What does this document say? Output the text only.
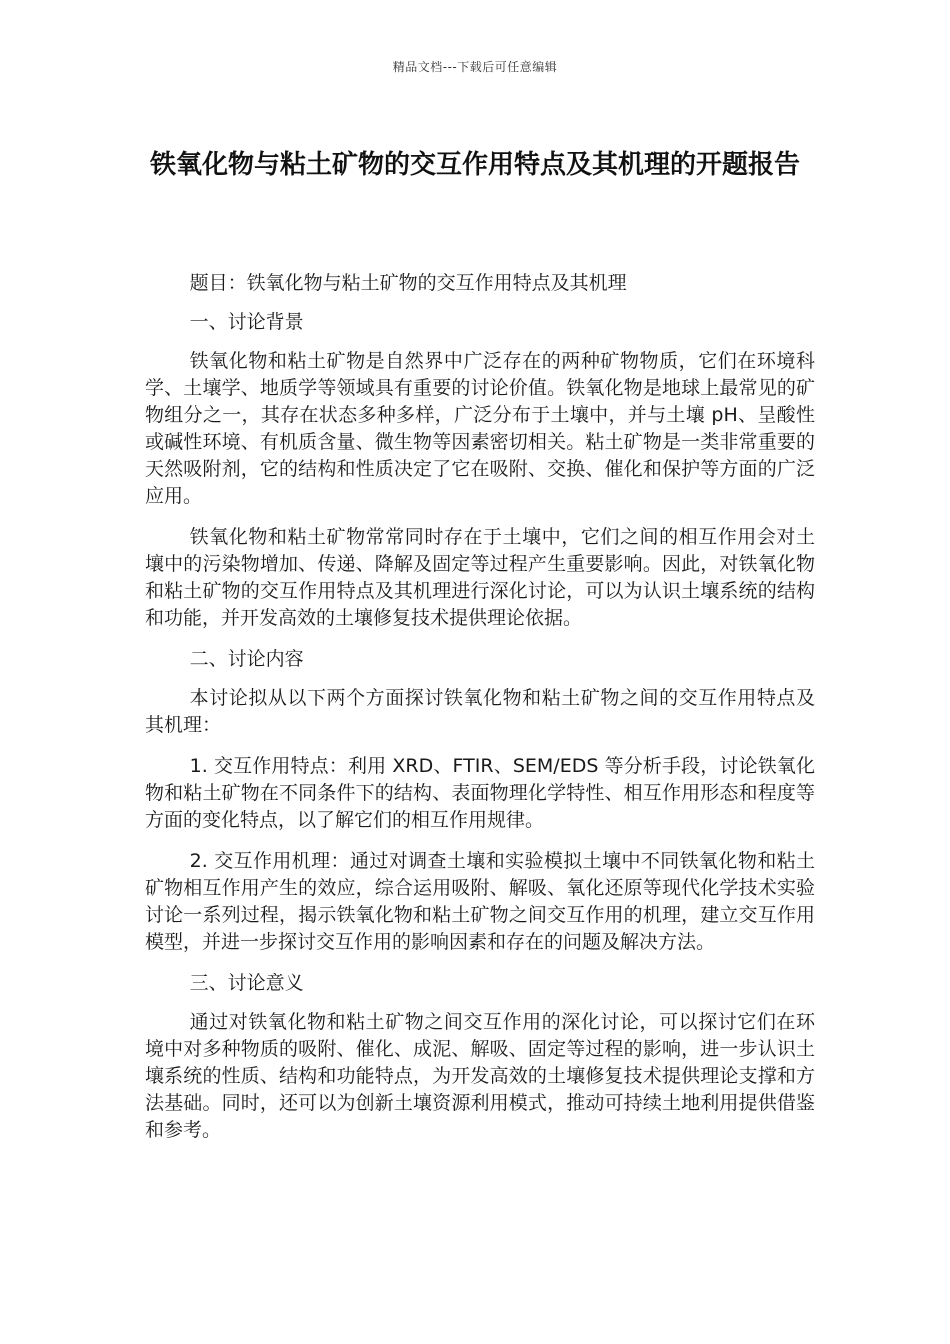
精品文档---下载后可任意编辑
铁氧化物与粘土矿物的交互作用特点及其机理的开题报告

题目：铁氧化物与粘土矿物的交互作用特点及其机理

一、讨论背景

铁氧化物和粘土矿物是自然界中广泛存在的两种矿物物质，它们在环境科学、土壤学、地质学等领域具有重要的讨论价值。铁氧化物是地球上最常见的矿物组分之一，其存在状态多种多样，广泛分布于土壤中，并与土壤 pH、呈酸性或碱性环境、有机质含量、微生物等因素密切相关。粘土矿物是一类非常重要的天然吸附剂，它的结构和性质决定了它在吸附、交换、催化和保护等方面的广泛应用。

铁氧化物和粘土矿物常常同时存在于土壤中，它们之间的相互作用会对土壤中的污染物增加、传递、降解及固定等过程产生重要影响。因此，对铁氧化物和粘土矿物的交互作用特点及其机理进行深化讨论，可以为认识土壤系统的结构和功能，并开发高效的土壤修复技术提供理论依据。

二、讨论内容

本讨论拟从以下两个方面探讨铁氧化物和粘土矿物之间的交互作用特点及其机理：

1. 交互作用特点：利用 XRD、FTIR、SEM/EDS 等分析手段，讨论铁氧化物和粘土矿物在不同条件下的结构、表面物理化学特性、相互作用形态和程度等方面的变化特点，以了解它们的相互作用规律。

2. 交互作用机理：通过对调查土壤和实验模拟土壤中不同铁氧化物和粘土矿物相互作用产生的效应，综合运用吸附、解吸、氧化还原等现代化学技术实验讨论一系列过程，揭示铁氧化物和粘土矿物之间交互作用的机理，建立交互作用模型，并进一步探讨交互作用的影响因素和存在的问题及解决方法。

三、讨论意义

通过对铁氧化物和粘土矿物之间交互作用的深化讨论，可以探讨它们在环境中对多种物质的吸附、催化、成泥、解吸、固定等过程的影响，进一步认识土壤系统的性质、结构和功能特点，为开发高效的土壤修复技术提供理论支撑和方法基础。同时，还可以为创新土壤资源利用模式，推动可持续土地利用提供借鉴和参考。
